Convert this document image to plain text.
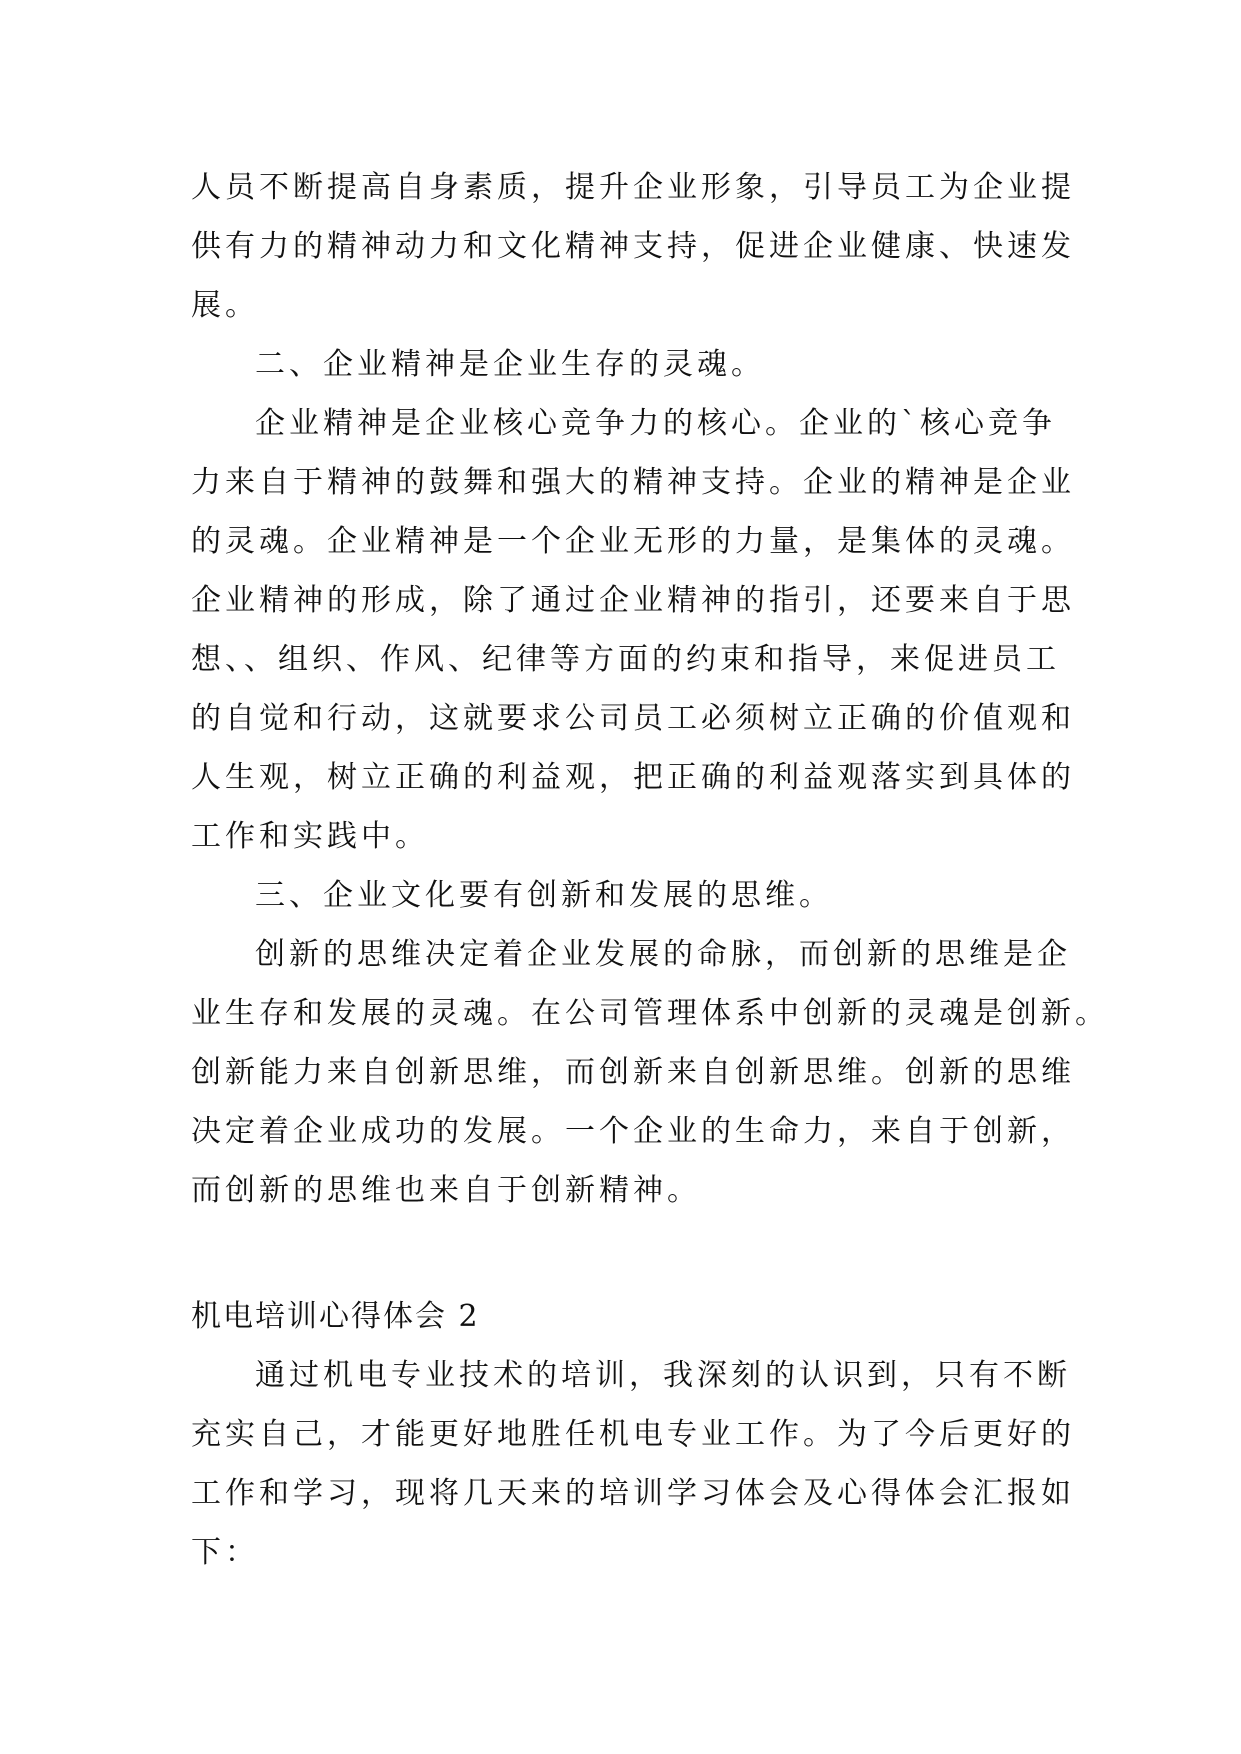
人员不断提高自身素质，提升企业形象，引导员工为企业提
供有力的精神动力和文化精神支持，促进企业健康、快速发
展。
二、企业精神是企业生存的灵魂。
企业精神是企业核心竞争力的核心。企业的`核心竞争
力来自于精神的鼓舞和强大的精神支持。企业的精神是企业
的灵魂。企业精神是一个企业无形的力量，是集体的灵魂。
企业精神的形成，除了通过企业精神的指引，还要来自于思
想、、组织、作风、纪律等方面的约束和指导，来促进员工
的自觉和行动，这就要求公司员工必须树立正确的价值观和
人生观，树立正确的利益观，把正确的利益观落实到具体的
工作和实践中。
三、企业文化要有创新和发展的思维。
创新的思维决定着企业发展的命脉，而创新的思维是企
业生存和发展的灵魂。在公司管理体系中创新的灵魂是创新。
创新能力来自创新思维，而创新来自创新思维。创新的思维
决定着企业成功的发展。一个企业的生命力，来自于创新，
而创新的思维也来自于创新精神。
机电培训心得体会 2
通过机电专业技术的培训，我深刻的认识到，只有不断
充实自己，才能更好地胜任机电专业工作。为了今后更好的
工作和学习，现将几天来的培训学习体会及心得体会汇报如
下：
